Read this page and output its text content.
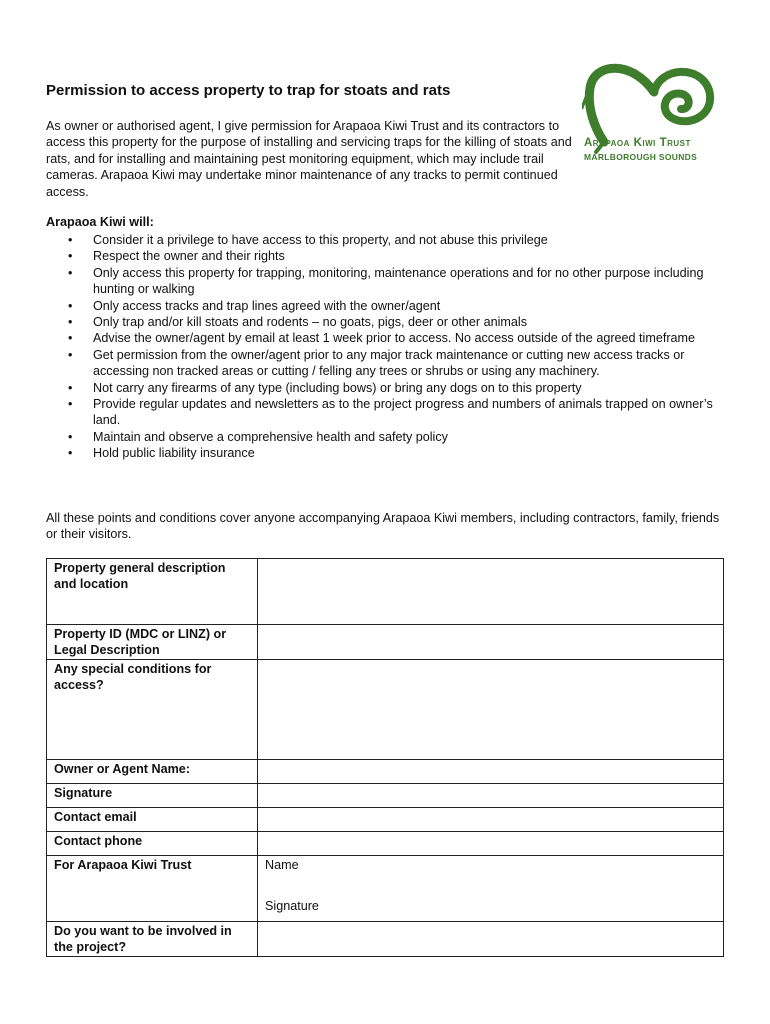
Permission to access property to trap for stoats and rats
Arapaoa Kiwi Trust
MARLBOROUGH SOUNDS
As owner or authorised agent, I give permission for Arapaoa Kiwi Trust and its contractors to access this property for the purpose of installing and servicing traps for the killing of stoats and rats, and for installing and maintaining pest monitoring equipment, which may include trail cameras. Arapaoa Kiwi may undertake minor maintenance of any tracks to permit continued access.
Arapaoa Kiwi will:
• Consider it a privilege to have access to this property, and not abuse this privilege
• Respect the owner and their rights
• Only access this property for trapping, monitoring, maintenance operations and for no other purpose including hunting or walking
• Only access tracks and trap lines agreed with the owner/agent
• Only trap and/or kill stoats and rodents – no goats, pigs, deer or other animals
• Advise the owner/agent by email at least 1 week prior to access. No access outside of the agreed timeframe
• Get permission from the owner/agent prior to any major track maintenance or cutting new access tracks or accessing non tracked areas or cutting / felling any trees or shrubs or using any machinery.
• Not carry any firearms of any type (including bows) or bring any dogs on to this property
• Provide regular updates and newsletters as to the project progress and numbers of animals trapped on owner’s land.
• Maintain and observe a comprehensive health and safety policy
• Hold public liability insurance
All these points and conditions cover anyone accompanying Arapaoa Kiwi members, including contractors, family, friends or their visitors.
Property general description and location	
Property ID (MDC or LINZ) or Legal Description	
Any special conditions for access?	
Owner or Agent Name:	
Signature	
Contact email	
Contact phone	
For Arapaoa Kiwi Trust	Name
Signature

Do you want to be involved in the project?	
